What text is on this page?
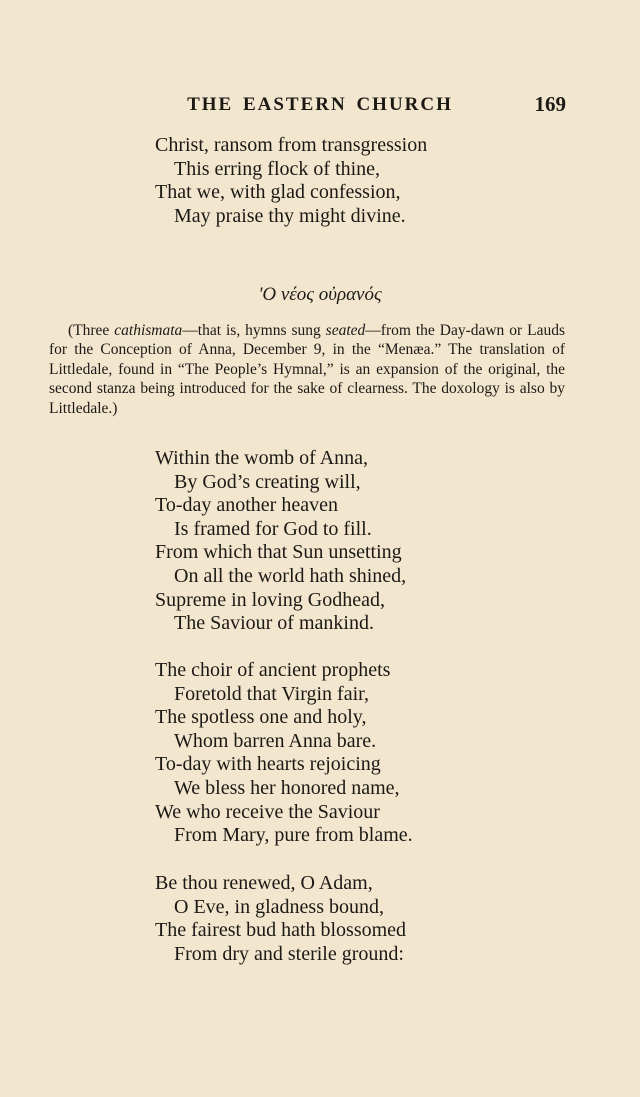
THE EASTERN CHURCH	169
Christ, ransom from transgression
This erring flock of thine,
That we, with glad confession,
May praise thy might divine.
'Ο νέος οὐρανός

(Three cathismata—that is, hymns sung seated—from the Day-dawn or Lauds for the Conception of Anna, December 9, in the “Menæa.” The translation of Littledale, found in “The People’s Hymnal,” is an expansion of the original, the second stanza being introduced for the sake of clearness. The doxology is also by Littledale.)

Within the womb of Anna,
By God’s creating will,
To-day another heaven
Is framed for God to fill.
From which that Sun unsetting
On all the world hath shined,
Supreme in loving Godhead,
The Saviour of mankind.
The choir of ancient prophets
Foretold that Virgin fair,
The spotless one and holy,
Whom barren Anna bare.
To-day with hearts rejoicing
We bless her honored name,
We who receive the Saviour
From Mary, pure from blame.
Be thou renewed, O Adam,
O Eve, in gladness bound,
The fairest bud hath blossomed
From dry and sterile ground:
